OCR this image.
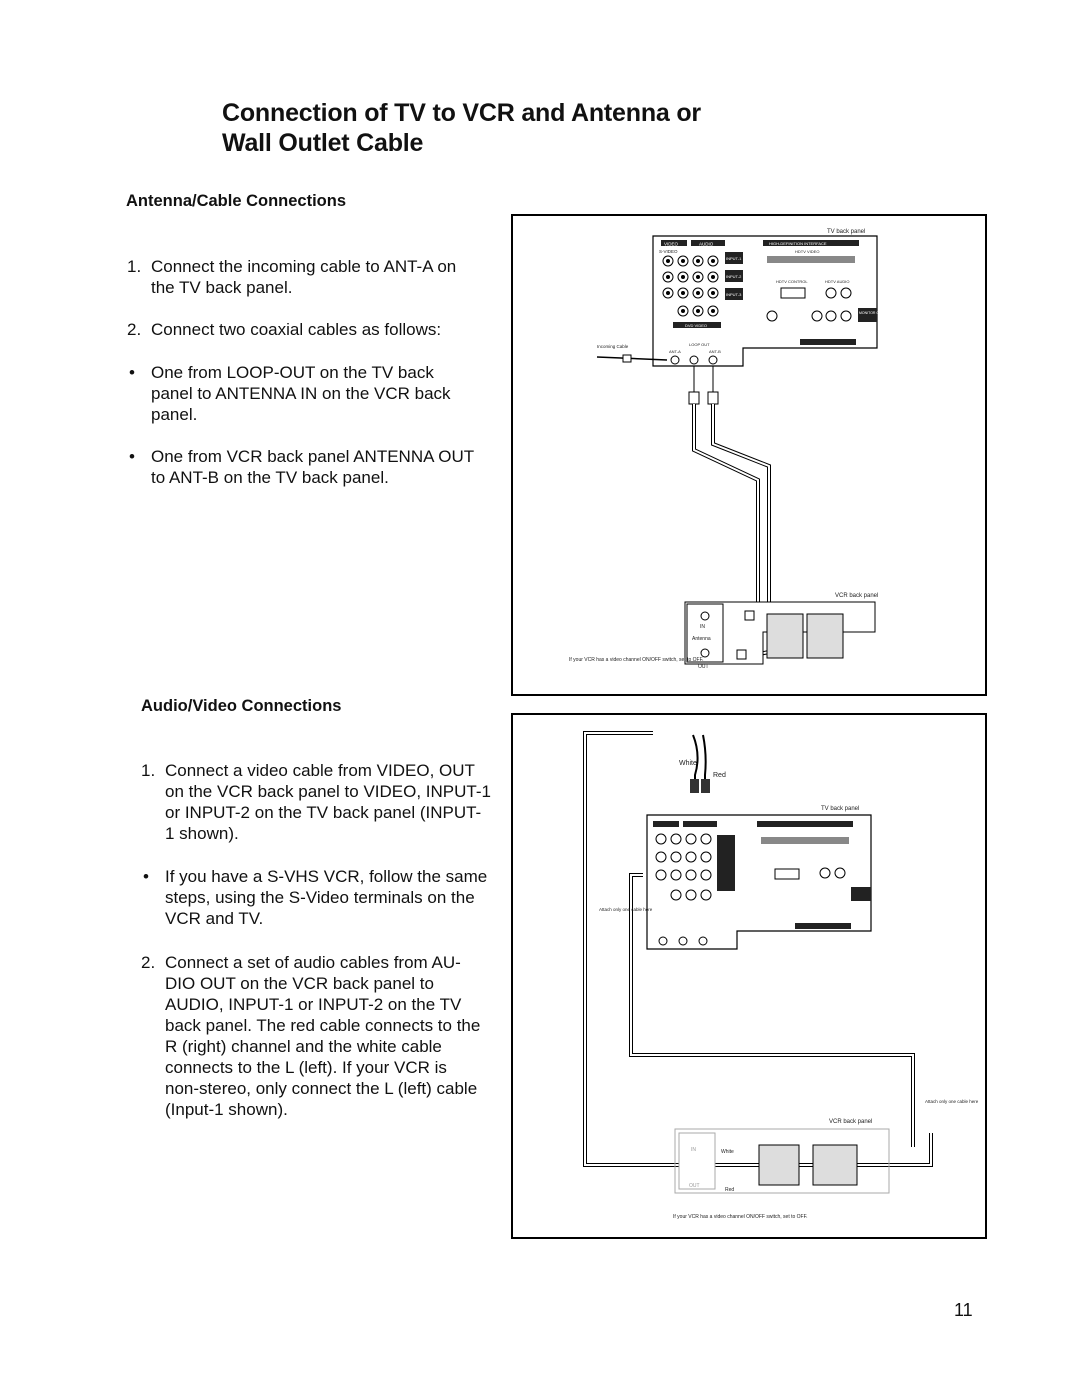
Connection of TV to VCR and Antenna or
Wall Outlet Cable
Antenna/Cable Connections
1. Connect the incoming cable to ANT-A on
the TV back panel.
2. Connect two coaxial cables as follows:
• One from LOOP-OUT on the TV back
panel to ANTENNA IN on the VCR back
panel.
• One from VCR back panel ANTENNA OUT
to ANT-B on the TV back panel.
Audio/Video Connections
1. Connect a video cable from VIDEO, OUT
on the VCR back panel to VIDEO, INPUT-1
or INPUT-2 on the TV back panel (INPUT-
1 shown).
• If you have a S-VHS VCR, follow the same
steps, using the S-Video terminals on the
VCR and TV.
2. Connect a set of audio cables from AU-
DIO OUT on the VCR back panel to
AUDIO, INPUT-1 or INPUT-2 on the TV
back panel. The red cable connects to the
R (right) channel and the white cable
connects to the L (left). If your VCR is
non-stereo, only connect the L (left) cable
(Input-1 shown).
TV back panel
VIDEO	AUDIO
S-VIDEO
INPUT-1
INPUT-2
INPUT-3
DVD VIDEO
HIGH-DEFINITION INTERFACE
HDTV VIDEO
HDTV CONTROL	HDTV AUDIO
MONITOR OUTPUT
Incoming Cable
ANT-A
LOOP OUT
ANT-B
VCR back panel
IN
Antenna
OUT
If your VCR has a video channel ON/OFF switch, set to OFF.
White
Red
TV back panel
Attach only one cable here
Attach only one cable here
VCR back panel
IN
OUT
White
Red
If your VCR has a video channel ON/OFF switch, set to OFF.
11
